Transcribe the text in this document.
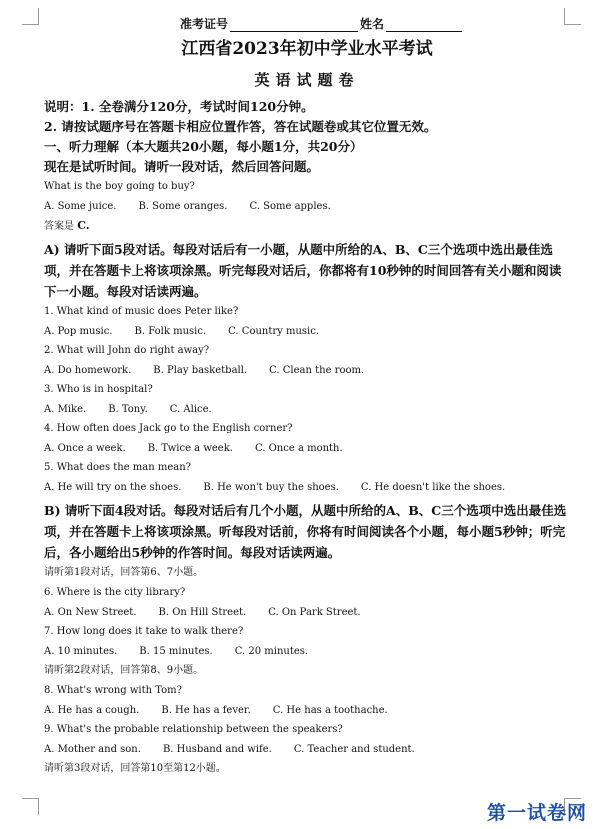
准考证号	姓名
江西省2023年初中学业水平考试
英语试题卷
说明：1. 全卷满分120分，考试时间120分钟。
2. 请按试题序号在答题卡相应位置作答，答在试题卷或其它位置无效。
一、听力理解（本大题共20小题，每小题1分，共20分）
现在是试听时间。请听一段对话，然后回答问题。
What is the boy going to buy?
A. Some juice. B. Some oranges. C. Some apples.
答案是 C.
A) 请听下面5段对话。每段对话后有一小题，从题中所给的A、B、C三个选项中选出最佳选项，并在答题卡上将该项涂黑。听完每段对话后，你都将有10秒钟的时间回答有关小题和阅读下一小题。每段对话读两遍。
1. What kind of music does Peter like?
A. Pop music. B. Folk music. C. Country music.
2. What will John do right away?
A. Do homework. B. Play basketball. C. Clean the room.
3. Who is in hospital?
A. Mike. B. Tony. C. Alice.
4. How often does Jack go to the English corner?
A. Once a week. B. Twice a week. C. Once a month.
5. What does the man mean?
A. He will try on the shoes. B. He won't buy the shoes. C. He doesn't like the shoes.
B) 请听下面4段对话。每段对话后有几个小题，从题中所给的A、B、C三个选项中选出最佳选项，并在答题卡上将该项涂黑。听每段对话前，你将有时间阅读各个小题，每小题5秒钟；听完后，各小题给出5秒钟的作答时间。每段对话读两遍。
请听第1段对话，回答第6、7小题。
6. Where is the city library?
A. On New Street. B. On Hill Street. C. On Park Street.
7. How long does it take to walk there?
A. 10 minutes. B. 15 minutes. C. 20 minutes.
请听第2段对话，回答第8、9小题。
8. What's wrong with Tom?
A. He has a cough. B. He has a fever. C. He has a toothache.
9. What's the probable relationship between the speakers?
A. Mother and son. B. Husband and wife. C. Teacher and student.
请听第3段对话，回答第10至第12小题。
第一试卷网
